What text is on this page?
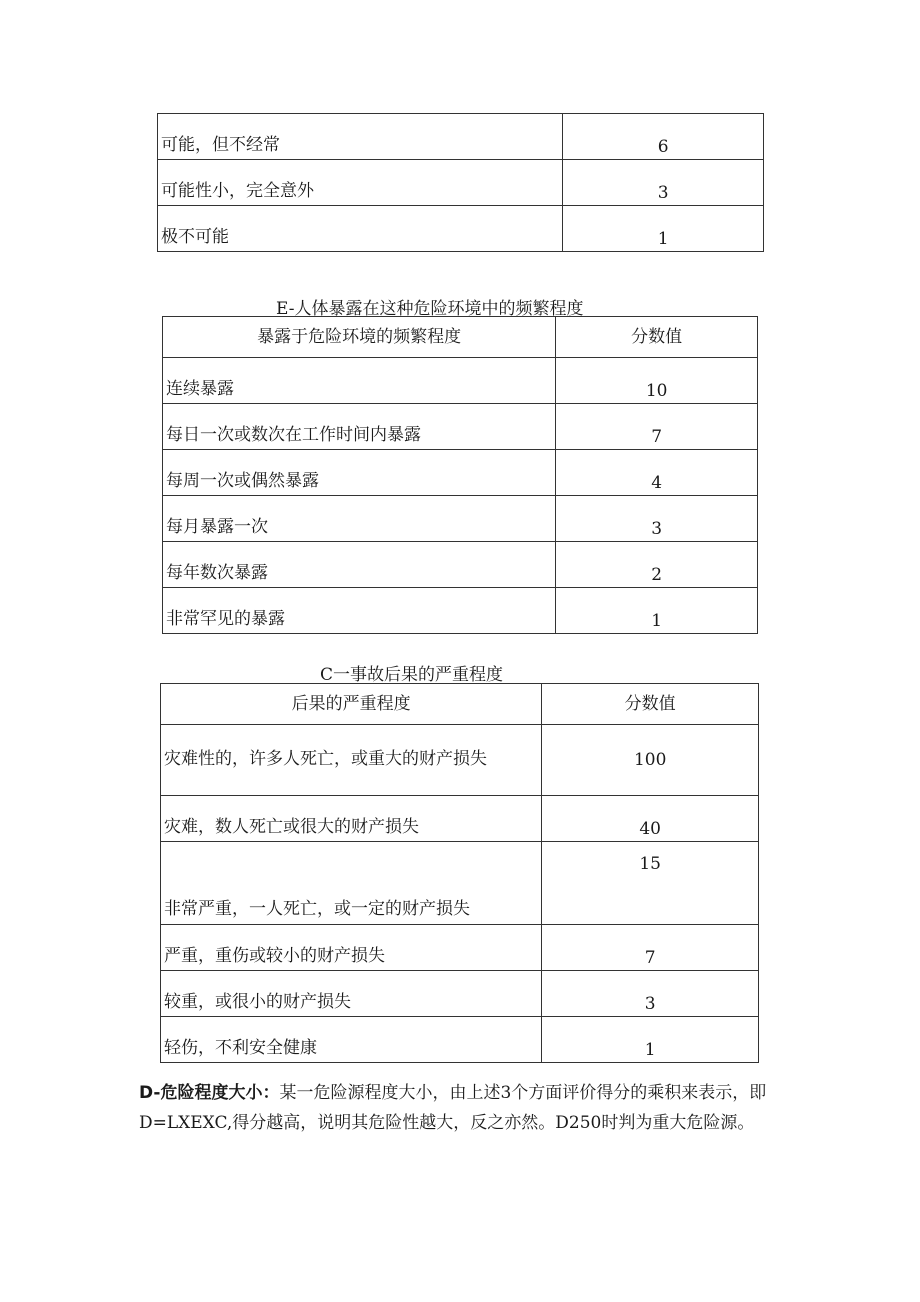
可能，但不经常	6
可能性小，完全意外	3
极不可能	1
E-人体暴露在这种危险环境中的频繁程度
暴露于危险环境的频繁程度	分数值
连续暴露	10
每日一次或数次在工作时间内暴露	7
每周一次或偶然暴露	4
每月暴露一次	3
每年数次暴露	2
非常罕见的暴露	1
C一事故后果的严重程度
后果的严重程度	分数值
灾难性的，许多人死亡，或重大的财产损失	100
灾难，数人死亡或很大的财产损失	40
非常严重，一人死亡，或一定的财产损失	15
严重，重伤或较小的财产损失	7
较重，或很小的财产损失	3
轻伤，不利安全健康	1
D-危险程度大小：某一危险源程度大小，由上述3个方面评价得分的乘积来表示，即D=LXEXC,得分越高，说明其危险性越大，反之亦然。D250时判为重大危险源。
